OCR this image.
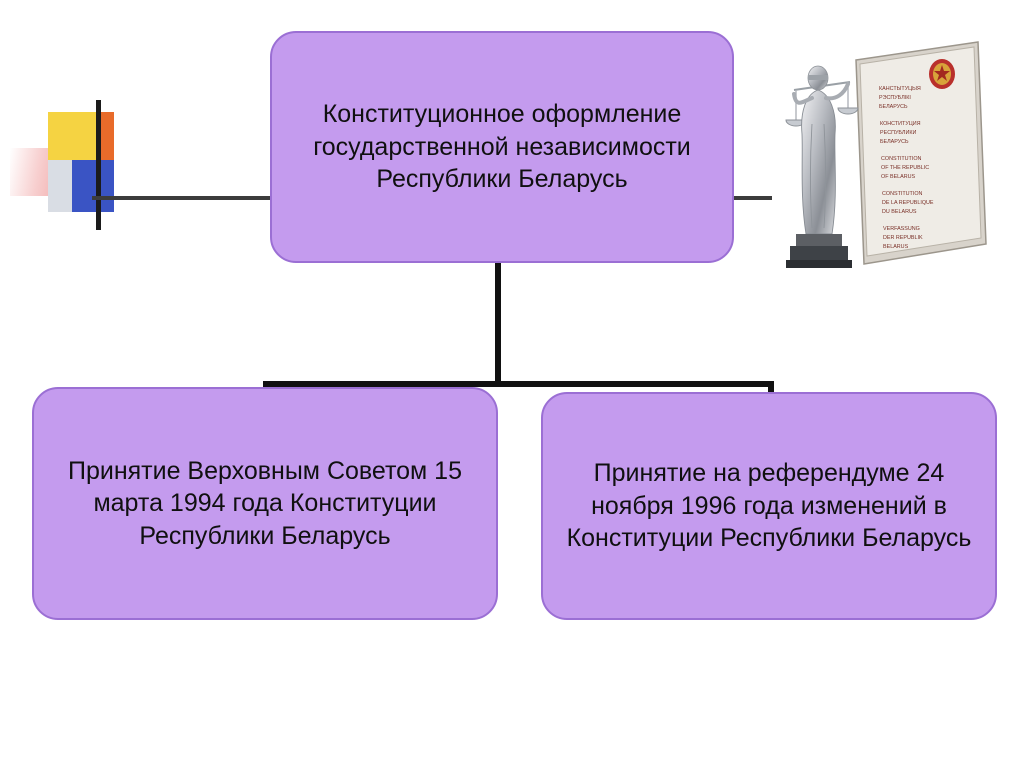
Конституционное оформление государственной независимости Республики Беларусь
Принятие Верховным Советом 15 марта 1994 года Конституции Республики Беларусь
Принятие на референдуме 24 ноября 1996 года изменений в Конституции Республики Беларусь
КАНСТЫТУЦЫЯ
РЭСПУБЛІКІ
БЕЛАРУСЬ
КОНСТИТУЦИЯ
РЕСПУБЛИКИ
БЕЛАРУСЬ
CONSTITUTION
OF THE REPUBLIC
OF BELARUS
CONSTITUTION
DE LA REPUBLIQUE
DU BELARUS
VERFASSUNG
DER REPUBLIK
BELARUS
